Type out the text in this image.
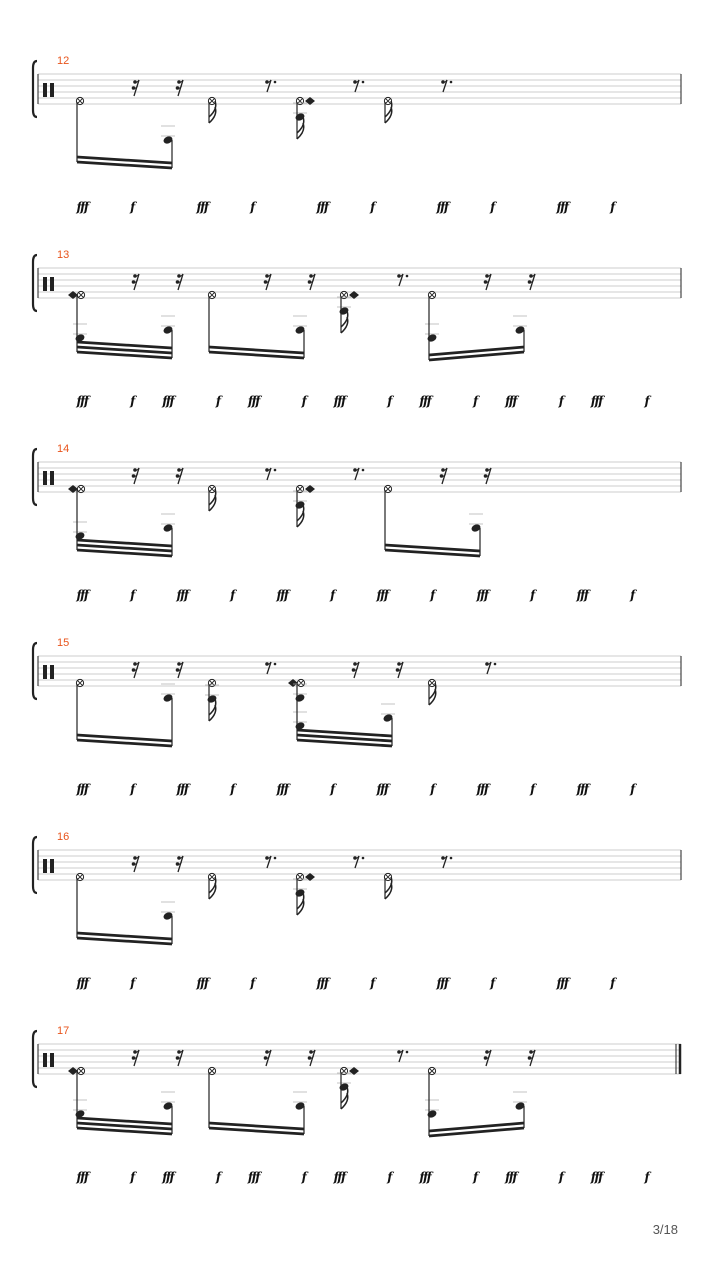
12
fff	f	fff	f	fff	f	fff	f	fff	f
13
fff	f fff	f fff	f fff	f fff	f fff	f fff	f
14
fff	f	fff	f	fff	f	fff	f	fff	f	fff	f
15
fff	f	fff	f	fff	f	fff	f	fff	f	fff	f
16
fff	f	fff	f	fff	f	fff	f	fff	f
17
fff	f fff	f fff	f fff	f fff	f fff	f fff	f
3/18
